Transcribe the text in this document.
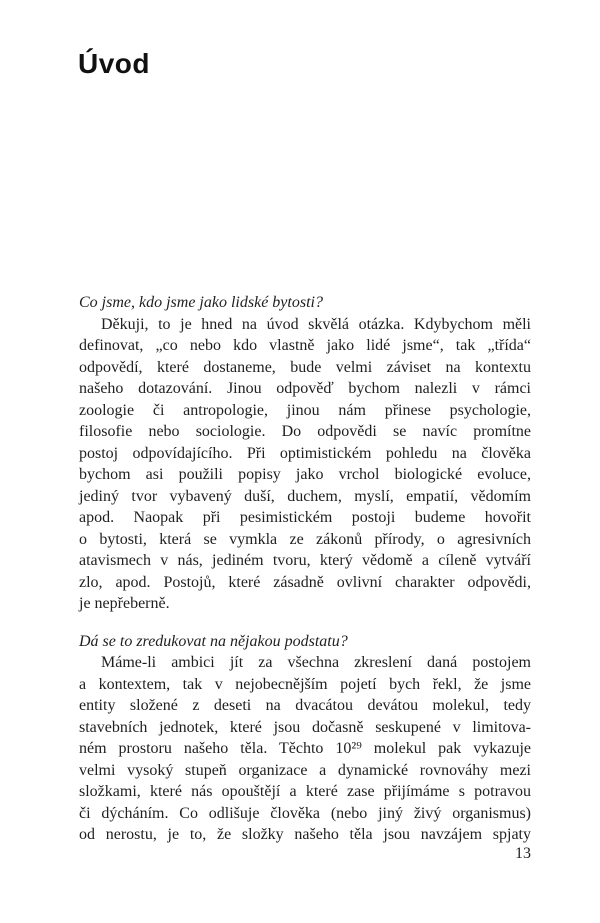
Úvod
Co jsme, kdo jsme jako lidské bytosti?
Děkuji, to je hned na úvod skvělá otázka. Kdybychom měli
definovat, „co nebo kdo vlastně jako lidé jsme“, tak „třída“
odpovědí, které dostaneme, bude velmi záviset na kontextu
našeho dotazování. Jinou odpověď bychom nalezli v rámci
zoologie či antropologie, jinou nám přinese psychologie,
filosofie nebo sociologie. Do odpovědi se navíc promítne
postoj odpovídajícího. Při optimistickém pohledu na člověka
bychom asi použili popisy jako vrchol biologické evoluce,
jediný tvor vybavený duší, duchem, myslí, empatií, vědomím
apod. Naopak při pesimistickém postoji budeme hovořit
o bytosti, která se vymkla ze zákonů přírody, o agresivních
atavismech v nás, jediném tvoru, který vědomě a cíleně vytváří
zlo, apod. Postojů, které zásadně ovlivní charakter odpovědi,
je nepřeberně.
Dá se to zredukovat na nějakou podstatu?
Máme-li ambici jít za všechna zkreslení daná postojem
a kontextem, tak v nejobecnějším pojetí bych řekl, že jsme
entity složené z deseti na dvacátou devátou molekul, tedy
stavebních jednotek, které jsou dočasně seskupené v limitova-
ném prostoru našeho těla. Těchto 10²⁹ molekul pak vykazuje
velmi vysoký stupeň organizace a dynamické rovnováhy mezi
složkami, které nás opouštějí a které zase přijímáme s potravou
či dýcháním. Co odlišuje člověka (nebo jiný živý organismus)
od nerostu, je to, že složky našeho těla jsou navzájem spjaty
13
